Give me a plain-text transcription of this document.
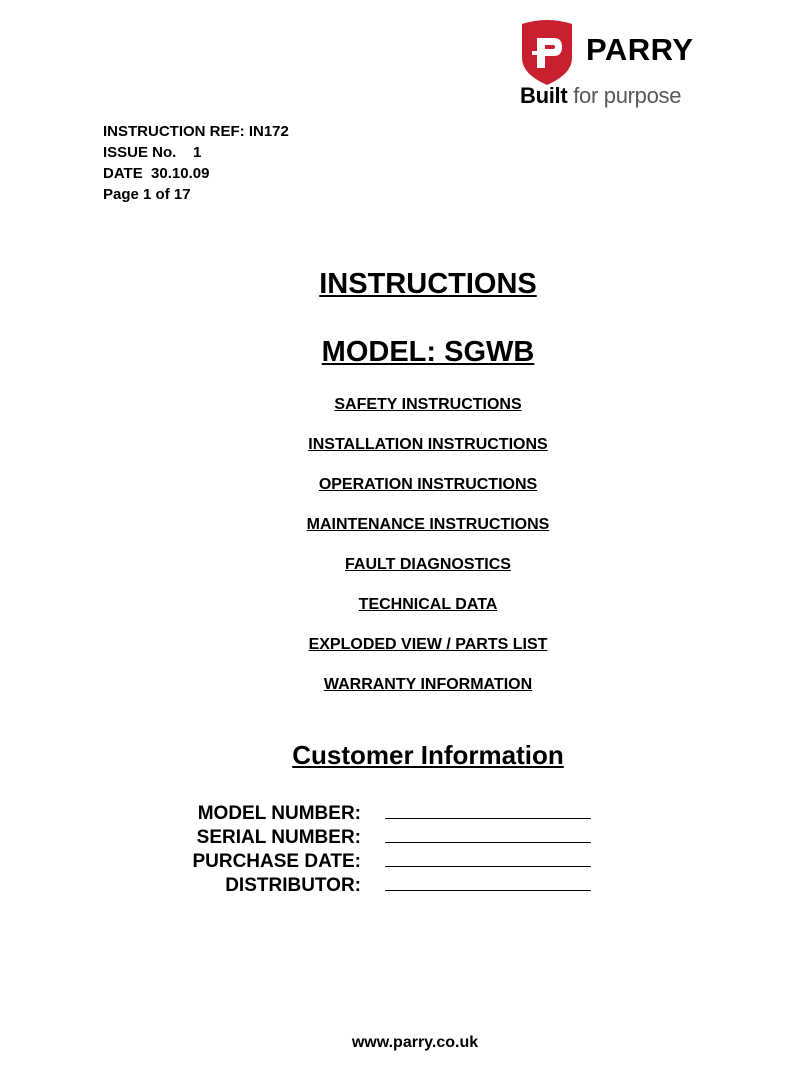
PARRY
Built for purpose
INSTRUCTION REF: IN172
ISSUE No.    1
DATE  30.10.09
Page 1 of 17
INSTRUCTIONS
MODEL: SGWB
SAFETY INSTRUCTIONS
INSTALLATION INSTRUCTIONS
OPERATION INSTRUCTIONS
MAINTENANCE INSTRUCTIONS
FAULT DIAGNOSTICS
TECHNICAL DATA
EXPLODED VIEW / PARTS LIST
WARRANTY INFORMATION
Customer Information
MODEL NUMBER:
SERIAL NUMBER:
PURCHASE DATE:
DISTRIBUTOR:
www.parry.co.uk
